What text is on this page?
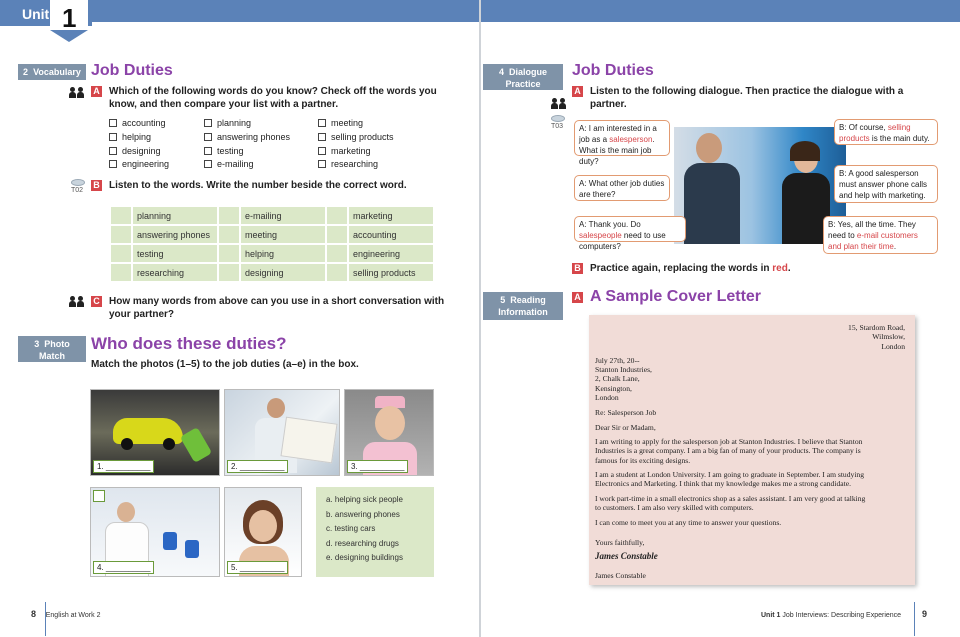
Unit 1
2 Vocabulary Job Duties
A Which of the following words do you know? Check off the words you
know, and then compare your list with a partner.
accounting	planning	meeting
helping	answering phones	selling products
designing	testing	marketing
engineering	e-mailing	researching
T02
B Listen to the words. Write the number beside the correct word.
	planning		e-mailing		marketing
	answering phones		meeting		accounting
	testing		helping		engineering
	researching		designing		selling products
C How many words from above can you use in a short conversation with
your partner?
3 Photo
Match
Who does these duties?
Match the photos (1–5) to the job duties (a–e) in the box.
1. __________	2. __________	3. __________
4. __________	5. __________
a. helping sick people
b. answering phones
c. testing cars
d. researching drugs
e. designing buildings
8 English at Work 2
4 Dialogue
Practice
Job Duties
A Listen to the following dialogue. Then practice the dialogue with a
partner.
T03	A: I am interested in a job as a salesperson. What is the main job duty?
B: Of course, selling products is the main duty.
A: What other job duties are there?
B: A good salesperson must answer phone calls and help with marketing.
A: Thank you. Do salespeople need to use computers?
B: Yes, all the time. They need to e-mail customers and plan their time.
B Practice again, replacing the words in red.
5 Reading
Information
A A Sample Cover Letter
15, Stardom Road,
Wilmslow,
London
July 27th, 20--
Stanton Industries,
2, Chalk Lane,
Kensington,
London
Re: Salesperson Job
Dear Sir or Madam,
I am writing to apply for the salesperson job at Stanton Industries. I believe that Stanton
Industries is a great company. I am a big fan of many of your products. The company is
famous for its exciting designs.
I am a student at London University. I am going to graduate in September. I am studying
Electronics and Marketing. I think that my knowledge makes me a strong candidate.
I work part-time in a small electronics shop as a sales assistant. I am very good at talking
to customers. I am also very skilled with computers.
I can come to meet you at any time to answer your questions.
Yours faithfully,
James Constable
James Constable
Unit 1 Job Interviews: Describing Experience 9
